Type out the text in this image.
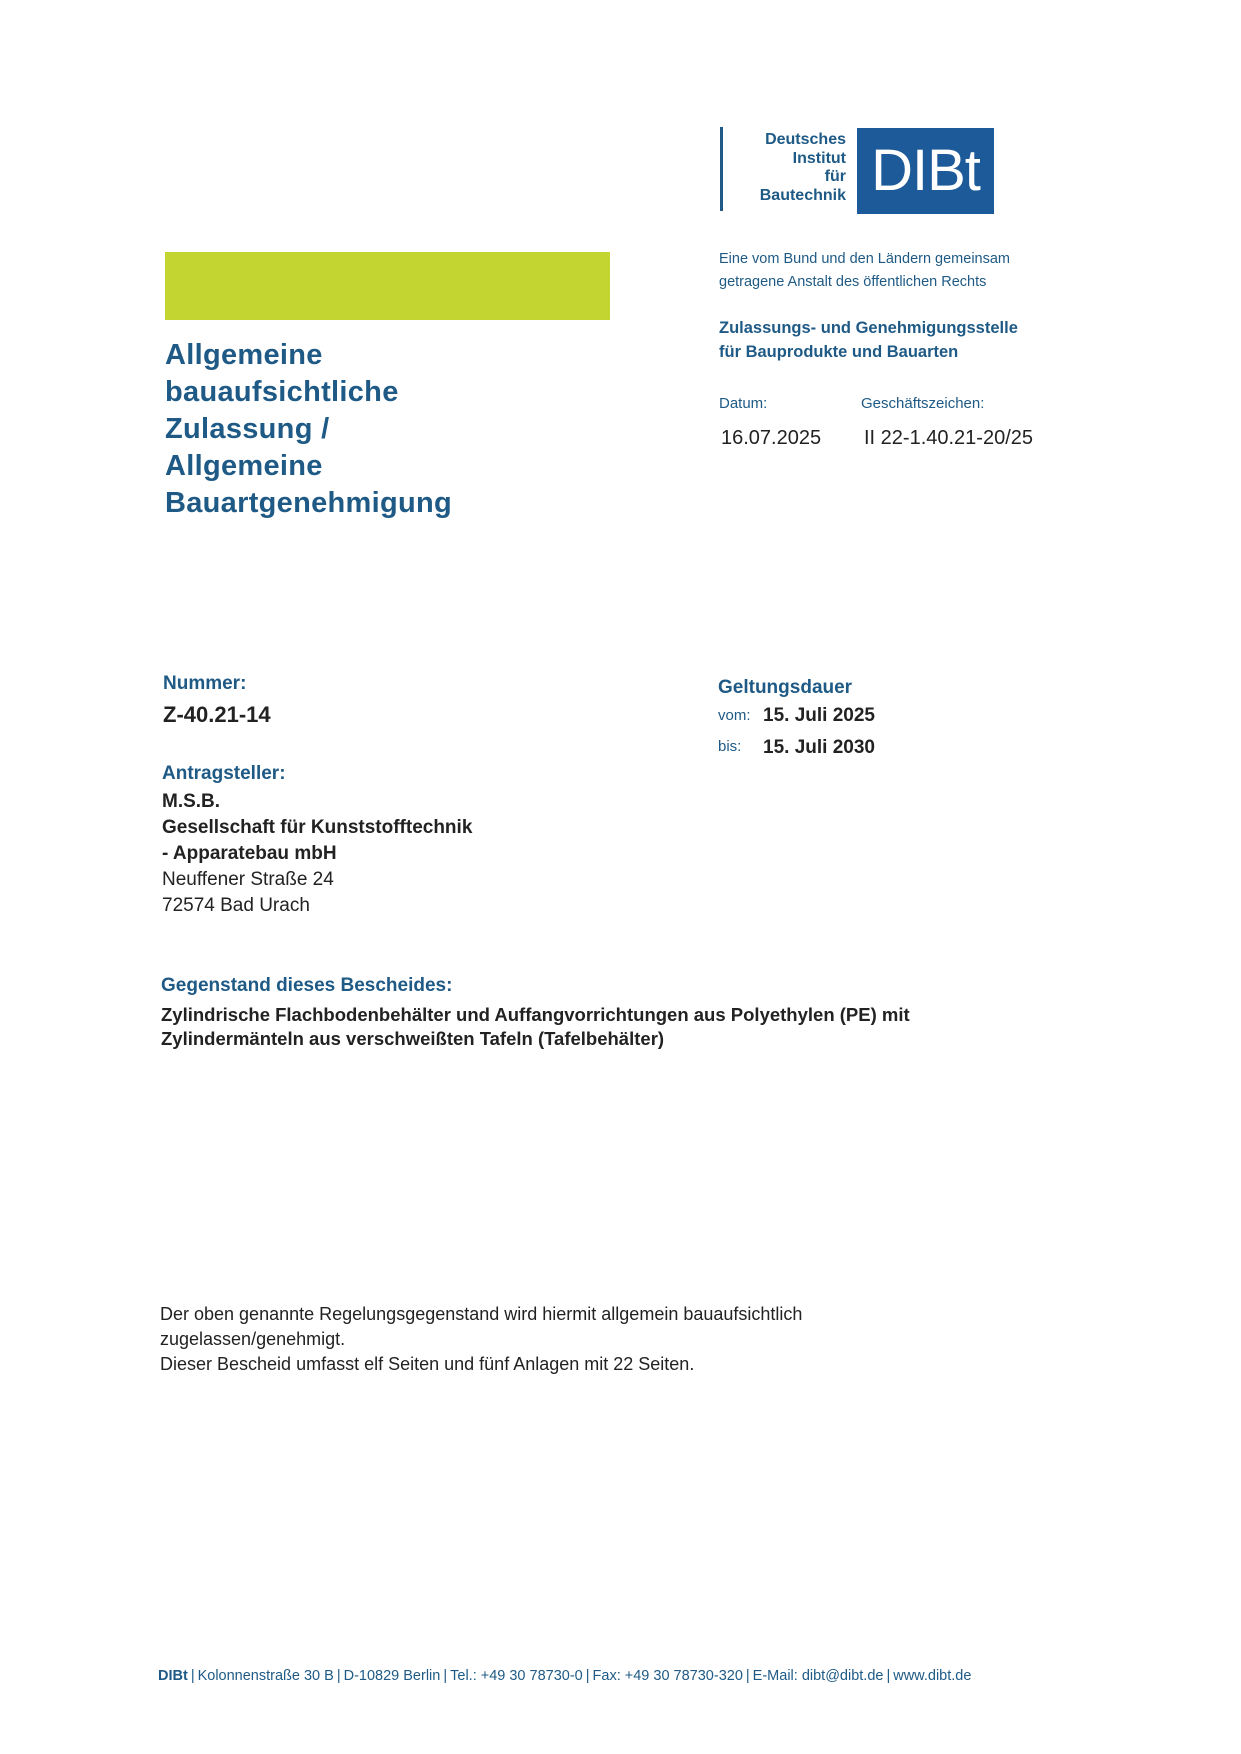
Deutsches
Institut
für
Bautechnik DIBt
Allgemeine
bauaufsichtliche
Zulassung /
Allgemeine
Bauartgenehmigung
Eine vom Bund und den Ländern gemeinsam
getragene Anstalt des öffentlichen Rechts
Zulassungs- und Genehmigungsstelle
für Bauprodukte und Bauarten
Datum:	Geschäftszeichen:
16.07.2025 II 22-1.40.21-20/25
Nummer:
Z-40.21-14
Geltungsdauer
vom: 15. Juli 2025
bis: 15. Juli 2030
Antragsteller:
M.S.B.
Gesellschaft für Kunststofftechnik
- Apparatebau mbH
Neuffener Straße 24
72574 Bad Urach
Gegenstand dieses Bescheides:
Zylindrische Flachbodenbehälter und Auffangvorrichtungen aus Polyethylen (PE) mit
Zylindermänteln aus verschweißten Tafeln (Tafelbehälter)
Der oben genannte Regelungsgegenstand wird hiermit allgemein bauaufsichtlich
zugelassen/genehmigt.
Dieser Bescheid umfasst elf Seiten und fünf Anlagen mit 22 Seiten.
DIBt | Kolonnenstraße 30 B | D-10829 Berlin | Tel.: +49 30 78730-0 | Fax: +49 30 78730-320 | E-Mail: dibt@dibt.de | www.dibt.de
